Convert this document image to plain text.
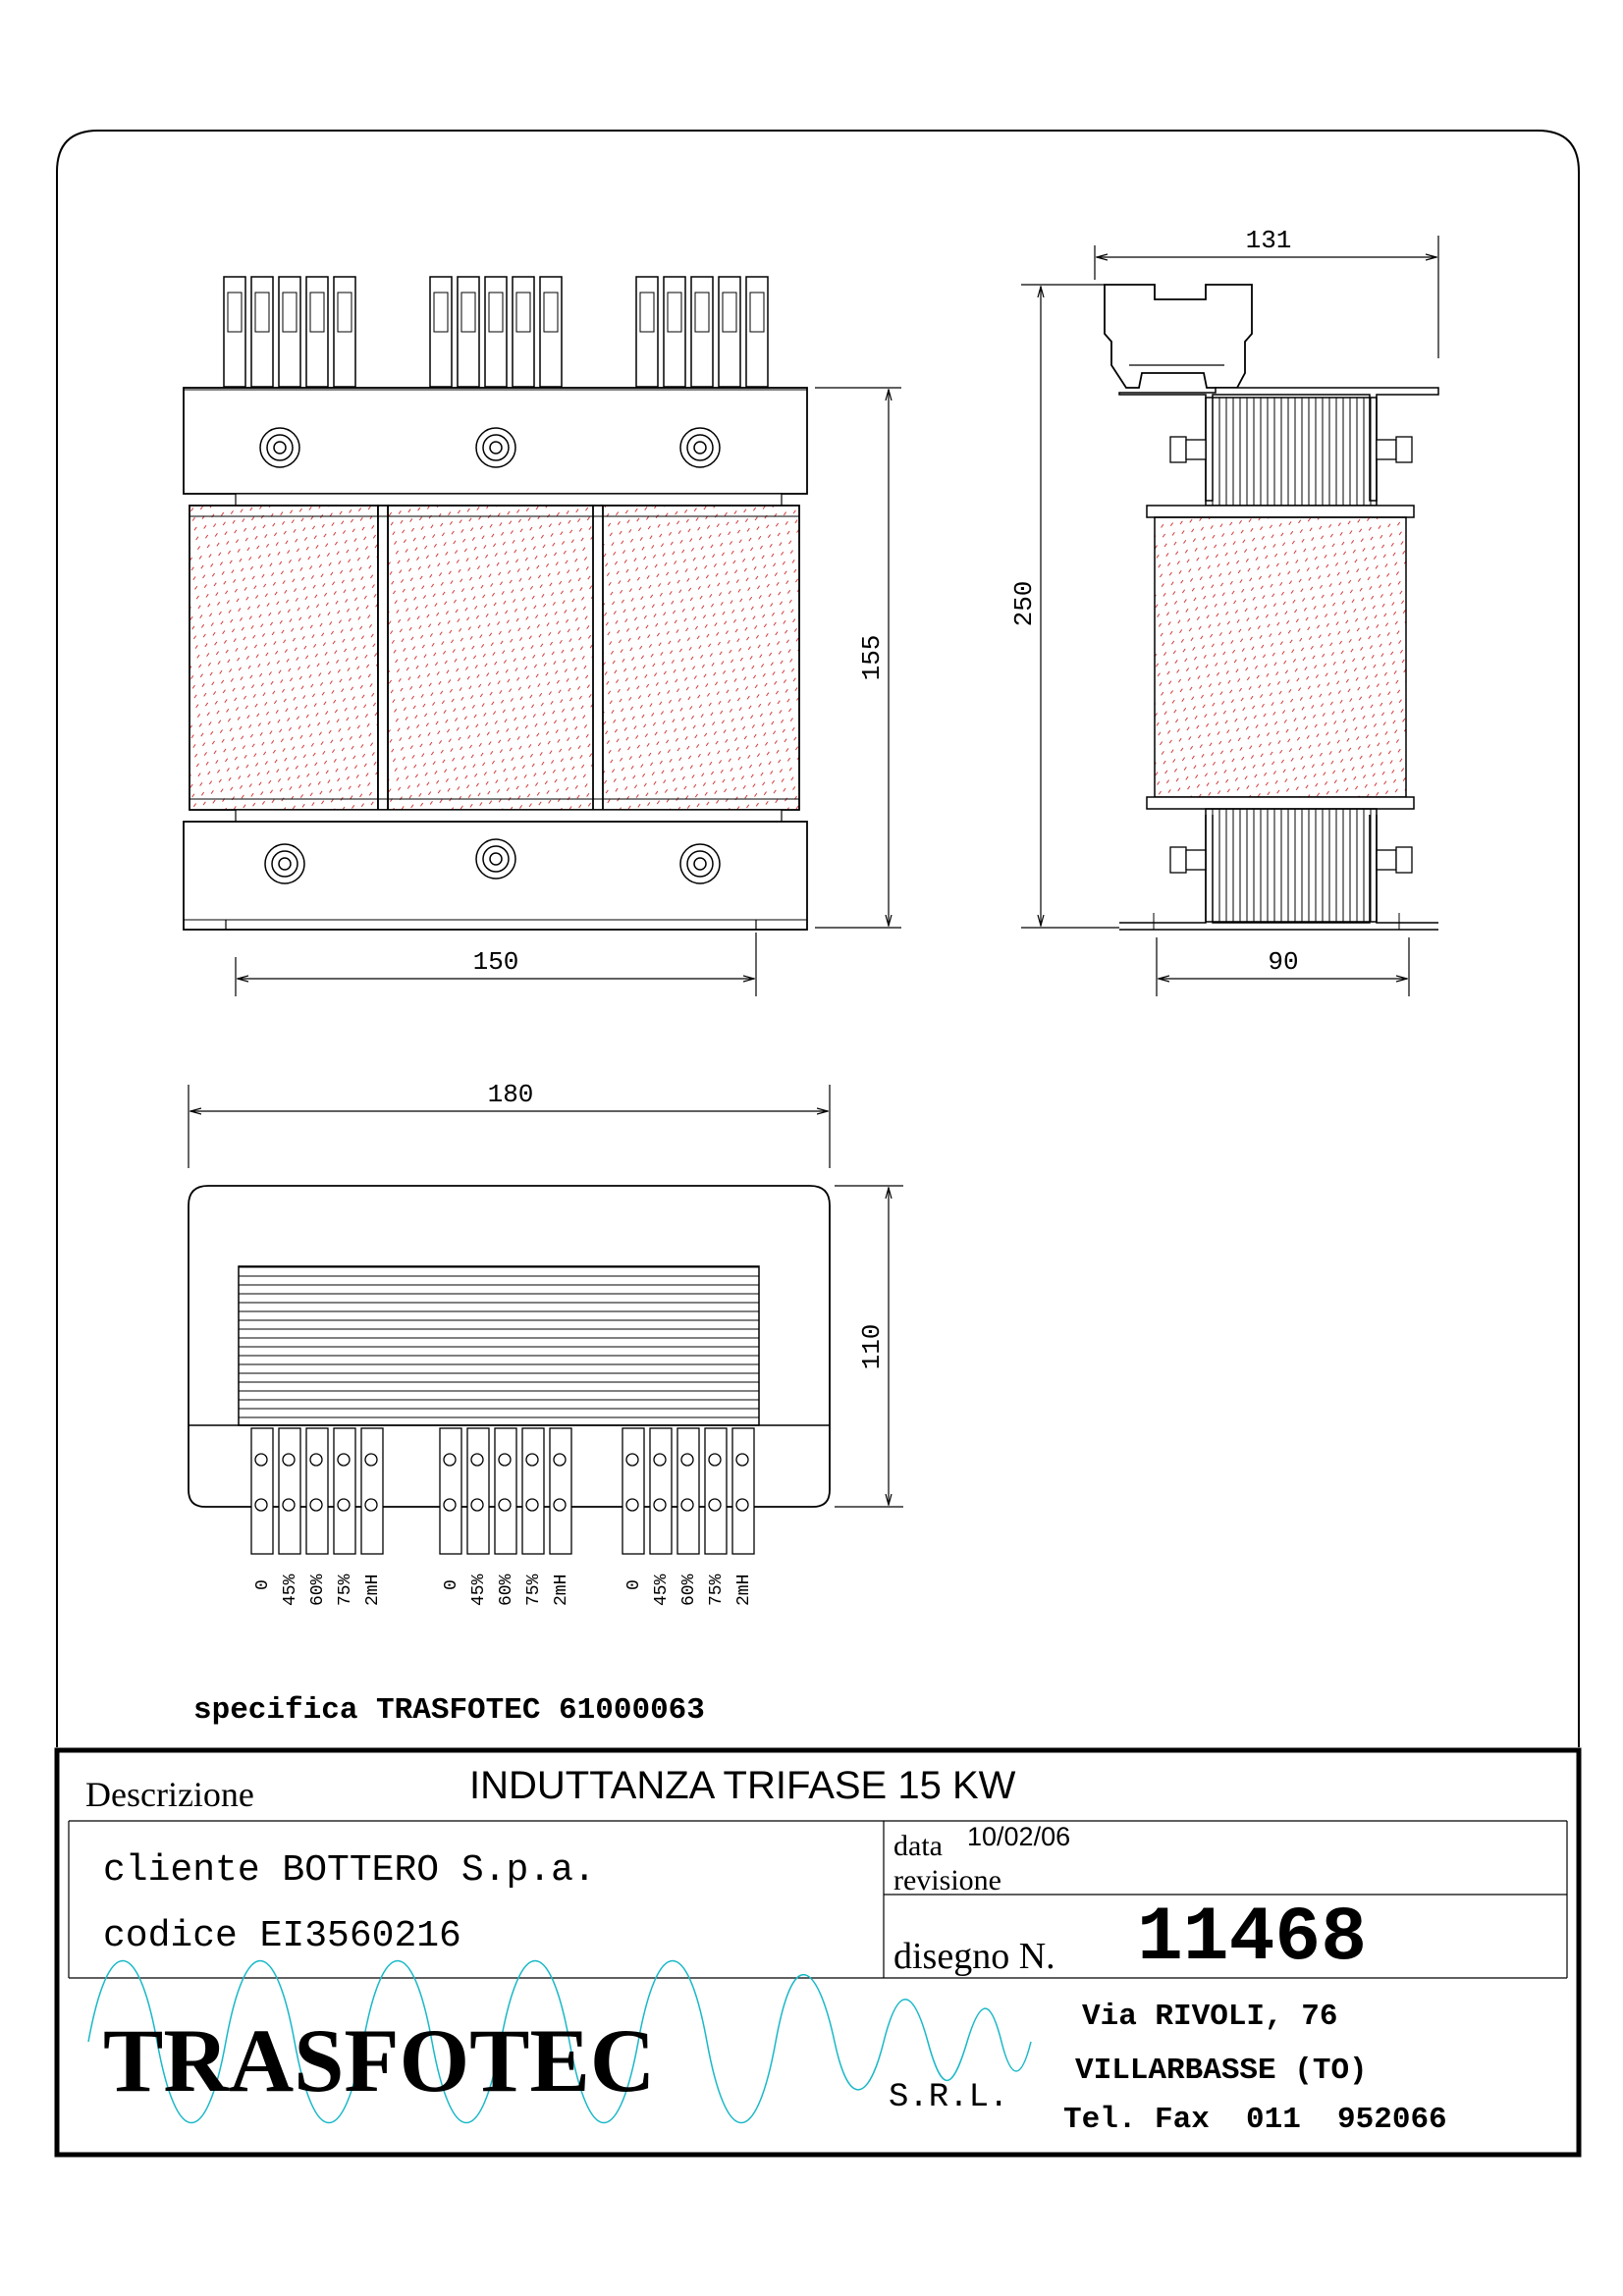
155
150
131
250
90
180
110
0 45% 60% 75% 2mH	0 45% 60% 75% 2mH	0 45% 60% 75% 2mH
specifica TRASFOTEC 61000063
Descrizione	INDUTTANZA TRIFASE 15 KW
cliente BOTTERO S.p.a.
codice EI3560216
data 10/02/06
revisione
disegno N. 11468
TRASFOTEC	S.R.L.
Via RIVOLI, 76
VILLARBASSE (TO)
Tel. Fax  011  952066
